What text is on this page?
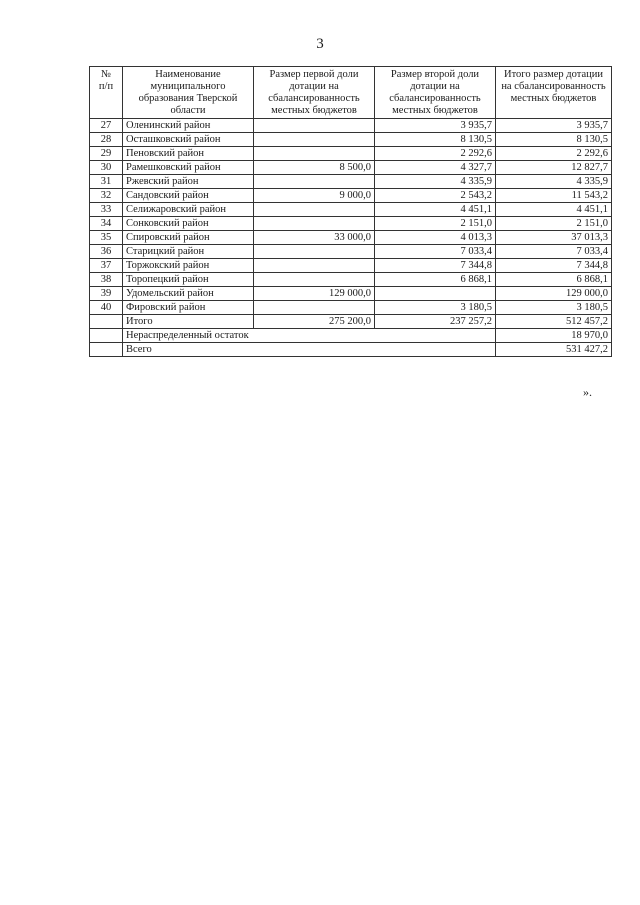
3
№ п/п	Наименование муниципального образования Тверской области	Размер первой доли дотации на сбалансированность местных бюджетов	Размер второй доли дотации на сбалансированность местных бюджетов	Итого размер дотации на сбалансированность местных бюджетов
27	Оленинский район		3 935,7	3 935,7
28	Осташковский район		8 130,5	8 130,5
29	Пеновский район		2 292,6	2 292,6
30	Рамешковский район	8 500,0	4 327,7	12 827,7
31	Ржевский район		4 335,9	4 335,9
32	Сандовский район	9 000,0	2 543,2	11 543,2
33	Селижаровский район		4 451,1	4 451,1
34	Сонковский район		2 151,0	2 151,0
35	Спировский район	33 000,0	4 013,3	37 013,3
36	Старицкий район		7 033,4	7 033,4
37	Торжокский район		7 344,8	7 344,8
38	Торопецкий район		6 868,1	6 868,1
39	Удомельский район	129 000,0		129 000,0
40	Фировский район		3 180,5	3 180,5
	Итого	275 200,0	237 257,2	512 457,2
	Нераспределенный остаток			18 970,0
	Всего			531 427,2
».
